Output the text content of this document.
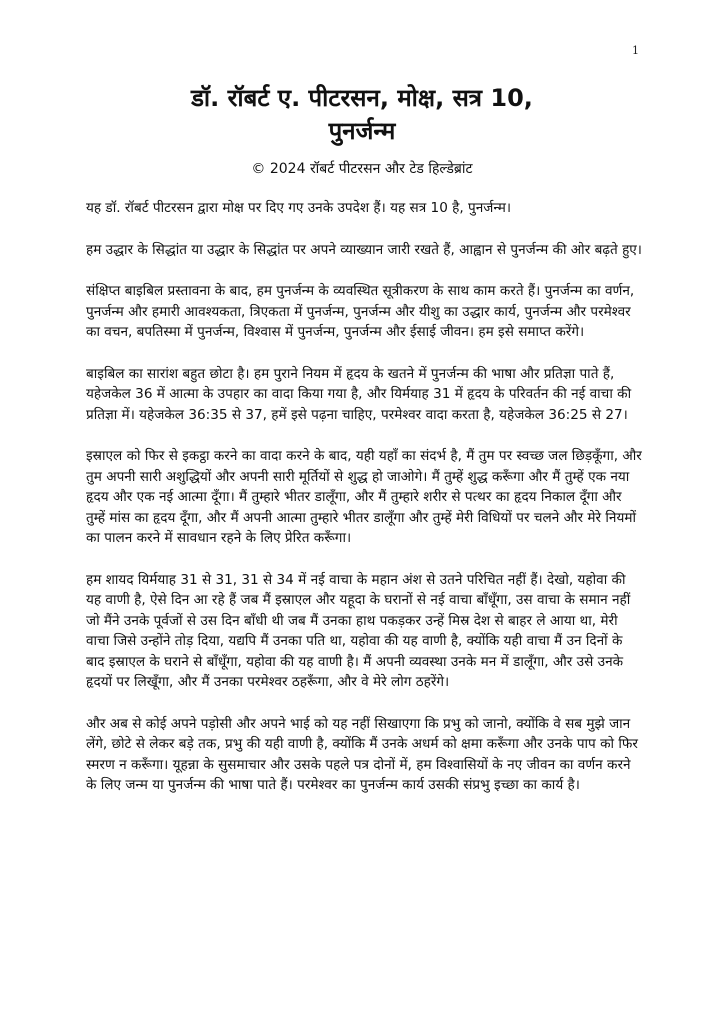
1
डॉ. रॉबर्ट ए. पीटरसन, मोक्ष, सत्र 10,
पुनर्जन्म
© 2024 रॉबर्ट पीटरसन और टेड हिल्डेब्रांट

यह डॉ. रॉबर्ट पीटरसन द्वारा मोक्ष पर दिए गए उनके उपदेश हैं। यह सत्र 10 है, पुनर्जन्म।

हम उद्धार के सिद्धांत या उद्धार के सिद्धांत पर अपने व्याख्यान जारी रखते हैं, आह्वान से पुनर्जन्म की ओर बढ़ते हुए।

संक्षिप्त बाइबिल प्रस्तावना के बाद, हम पुनर्जन्म के व्यवस्थित सूत्रीकरण के साथ काम करते हैं। पुनर्जन्म का वर्णन, पुनर्जन्म और हमारी आवश्यकता, त्रिएकता में पुनर्जन्म, पुनर्जन्म और यीशु का उद्धार कार्य, पुनर्जन्म और परमेश्वर का वचन, बपतिस्मा में पुनर्जन्म, विश्वास में पुनर्जन्म, पुनर्जन्म और ईसाई जीवन। हम इसे समाप्त करेंगे।

बाइबिल का सारांश बहुत छोटा है। हम पुराने नियम में हृदय के खतने में पुनर्जन्म की भाषा और प्रतिज्ञा पाते हैं, यहेजकेल 36 में आत्मा के उपहार का वादा किया गया है, और यिर्मयाह 31 में हृदय के परिवर्तन की नई वाचा की प्रतिज्ञा में। यहेजकेल 36:35 से 37, हमें इसे पढ़ना चाहिए, परमेश्वर वादा करता है, यहेजकेल 36:25 से 27।

इस्राएल को फिर से इकट्ठा करने का वादा करने के बाद, यही यहाँ का संदर्भ है, मैं तुम पर स्वच्छ जल छिड़कूँगा, और तुम अपनी सारी अशुद्धियों और अपनी सारी मूर्तियों से शुद्ध हो जाओगे। मैं तुम्हें शुद्ध करूँगा और मैं तुम्हें एक नया हृदय और एक नई आत्मा दूँगा। मैं तुम्हारे भीतर डालूँगा, और मैं तुम्हारे शरीर से पत्थर का हृदय निकाल दूँगा और तुम्हें मांस का हृदय दूँगा, और मैं अपनी आत्मा तुम्हारे भीतर डालूँगा और तुम्हें मेरी विधियों पर चलने और मेरे नियमों का पालन करने में सावधान रहने के लिए प्रेरित करूँगा।

हम शायद यिर्मयाह 31 से 31, 31 से 34 में नई वाचा के महान अंश से उतने परिचित नहीं हैं। देखो, यहोवा की यह वाणी है, ऐसे दिन आ रहे हैं जब मैं इस्राएल और यहूदा के घरानों से नई वाचा बाँधूँगा, उस वाचा के समान नहीं जो मैंने उनके पूर्वजों से उस दिन बाँधी थी जब मैं उनका हाथ पकड़कर उन्हें मिस्र देश से बाहर ले आया था, मेरी वाचा जिसे उन्होंने तोड़ दिया, यद्यपि मैं उनका पति था, यहोवा की यह वाणी है, क्योंकि यही वाचा मैं उन दिनों के बाद इस्राएल के घराने से बाँधूँगा, यहोवा की यह वाणी है। मैं अपनी व्यवस्था उनके मन में डालूँगा, और उसे उनके हृदयों पर लिखूँगा, और मैं उनका परमेश्वर ठहरूँगा, और वे मेरे लोग ठहरेंगे।

और अब से कोई अपने पड़ोसी और अपने भाई को यह नहीं सिखाएगा कि प्रभु को जानो, क्योंकि वे सब मुझे जान लेंगे, छोटे से लेकर बड़े तक, प्रभु की यही वाणी है, क्योंकि मैं उनके अधर्म को क्षमा करूँगा और उनके पाप को फिर स्मरण न करूँगा। यूहन्ना के सुसमाचार और उसके पहले पत्र दोनों में, हम विश्वासियों के नए जीवन का वर्णन करने के लिए जन्म या पुनर्जन्म की भाषा पाते हैं। परमेश्वर का पुनर्जन्म कार्य उसकी संप्रभु इच्छा का कार्य है।
